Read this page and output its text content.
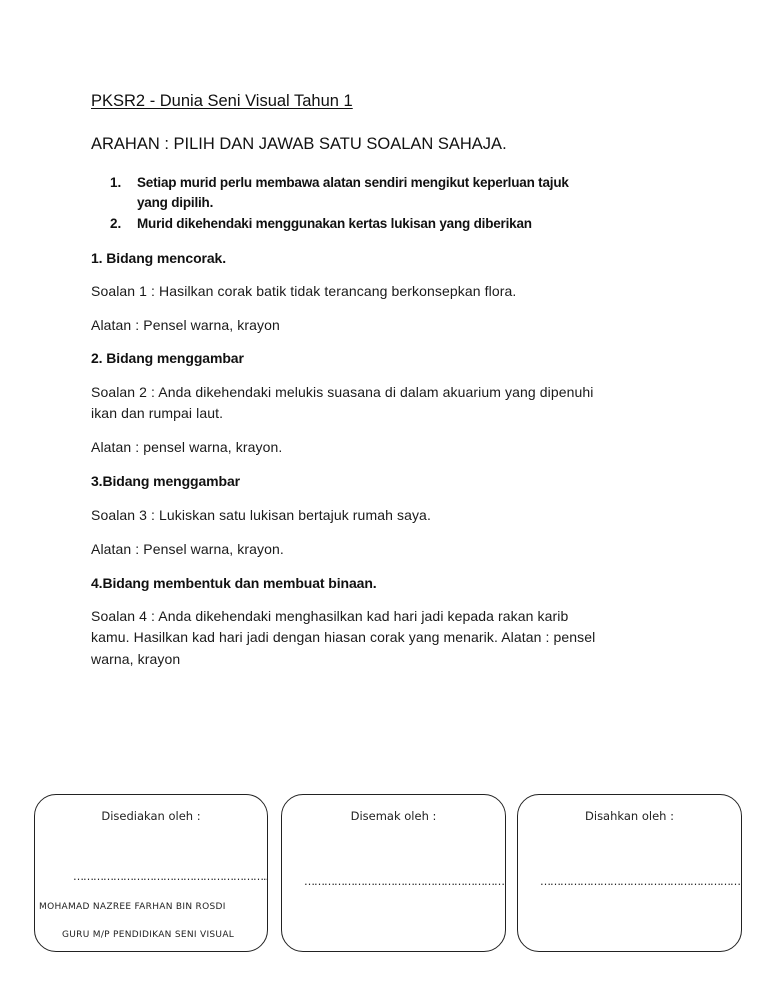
PKSR2 - Dunia Seni Visual Tahun 1
ARAHAN : PILIH DAN JAWAB SATU SOALAN SAHAJA.
1. Setiap murid perlu membawa alatan sendiri mengikut keperluan tajuk
yang dipilih.
2. Murid dikehendaki menggunakan kertas lukisan yang diberikan
1. Bidang mencorak.
Soalan 1 : Hasilkan corak batik tidak terancang berkonsepkan flora.
Alatan : Pensel warna, krayon
2. Bidang menggambar
Soalan 2 : Anda dikehendaki melukis suasana di dalam akuarium yang dipenuhi
ikan dan rumpai laut.
Alatan : pensel warna, krayon.
3.Bidang menggambar
Soalan 3 : Lukiskan satu lukisan bertajuk rumah saya.
Alatan : Pensel warna, krayon.
4.Bidang membentuk dan membuat binaan.
Soalan 4 : Anda dikehendaki menghasilkan kad hari jadi kepada rakan karib
kamu. Hasilkan kad hari jadi dengan hiasan corak yang menarik. Alatan : pensel
warna, krayon
Disediakan oleh :
…………………………………………………..
MOHAMAD NAZREE FARHAN BIN ROSDI
GURU M/P PENDIDIKAN SENI VISUAL
Disemak oleh :
……………………………………………………
Disahkan oleh :
……………………………………………………
